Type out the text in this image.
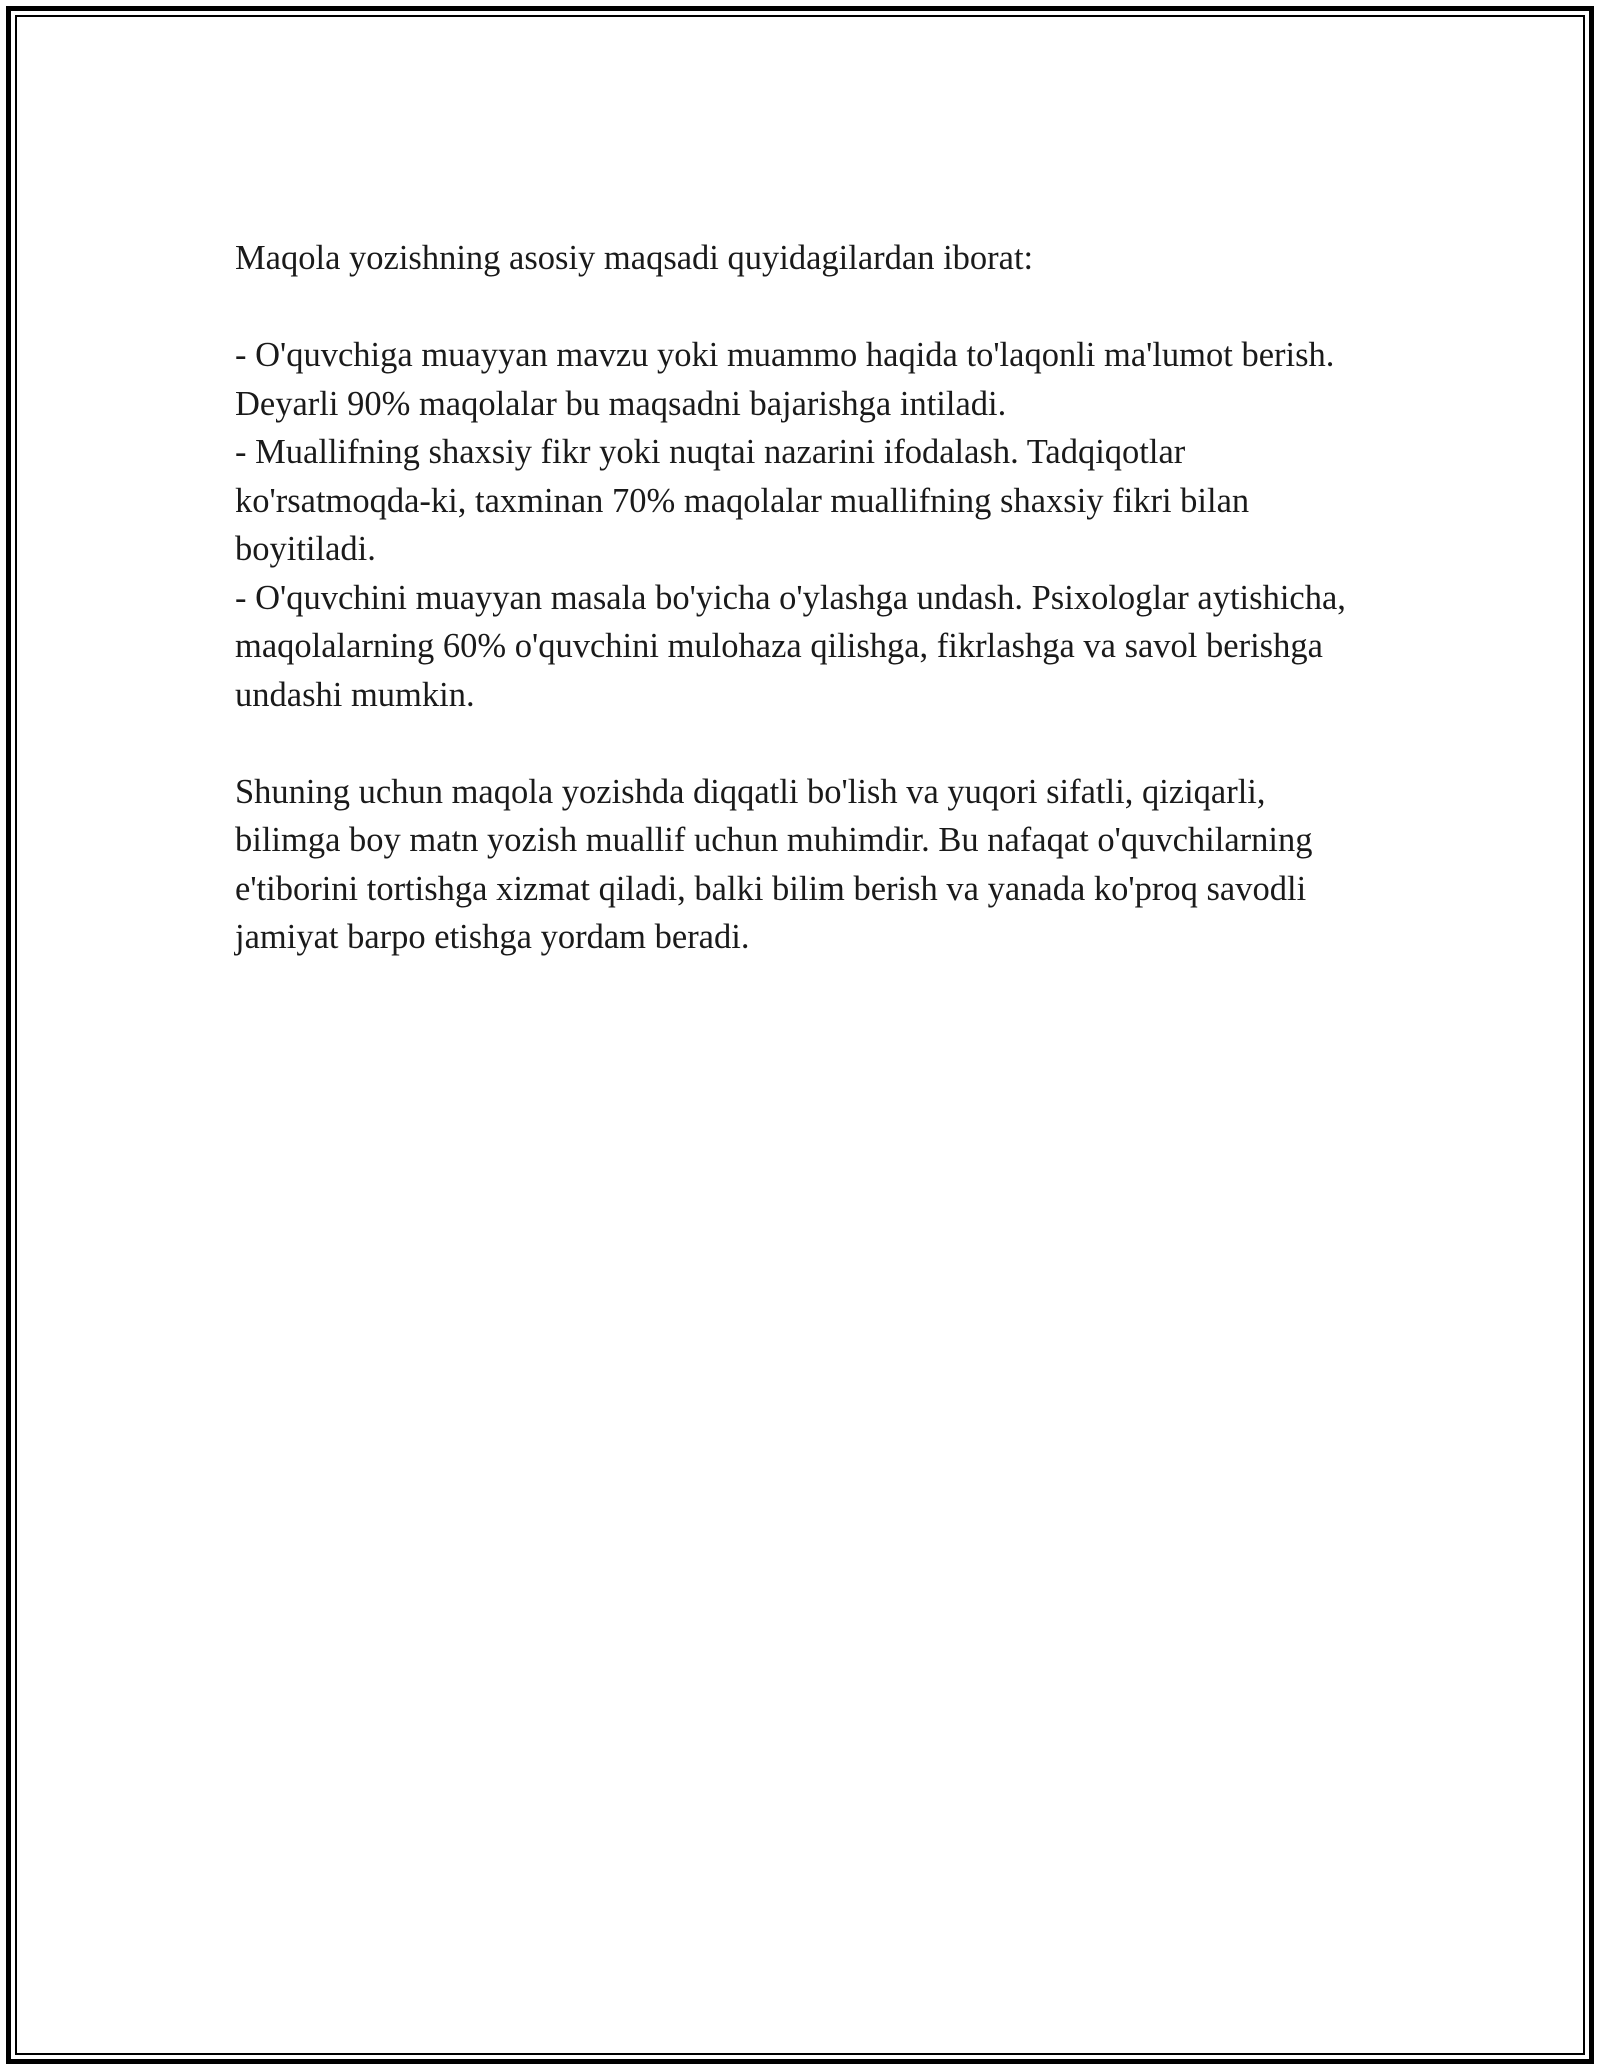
Maqola yozishning asosiy maqsadi quyidagilardan iborat:

- O'quvchiga muayyan mavzu yoki muammo haqida to'laqonli ma'lumot berish. Deyarli 90% maqolalar bu maqsadni bajarishga intiladi.

- Muallifning shaxsiy fikr yoki nuqtai nazarini ifodalash. Tadqiqotlar ko'rsatmoqda-ki, taxminan 70% maqolalar muallifning shaxsiy fikri bilan boyitiladi.

- O'quvchini muayyan masala bo'yicha o'ylashga undash. Psixologlar aytishicha, maqolalarning 60% o'quvchini mulohaza qilishga, fikrlashga va savol berishga undashi mumkin.

Shuning uchun maqola yozishda diqqatli bo'lish va yuqori sifatli, qiziqarli, bilimga boy matn yozish muallif uchun muhimdir. Bu nafaqat o'quvchilarning e'tiborini tortishga xizmat qiladi, balki bilim berish va yanada ko'proq savodli jamiyat barpo etishga yordam beradi.
